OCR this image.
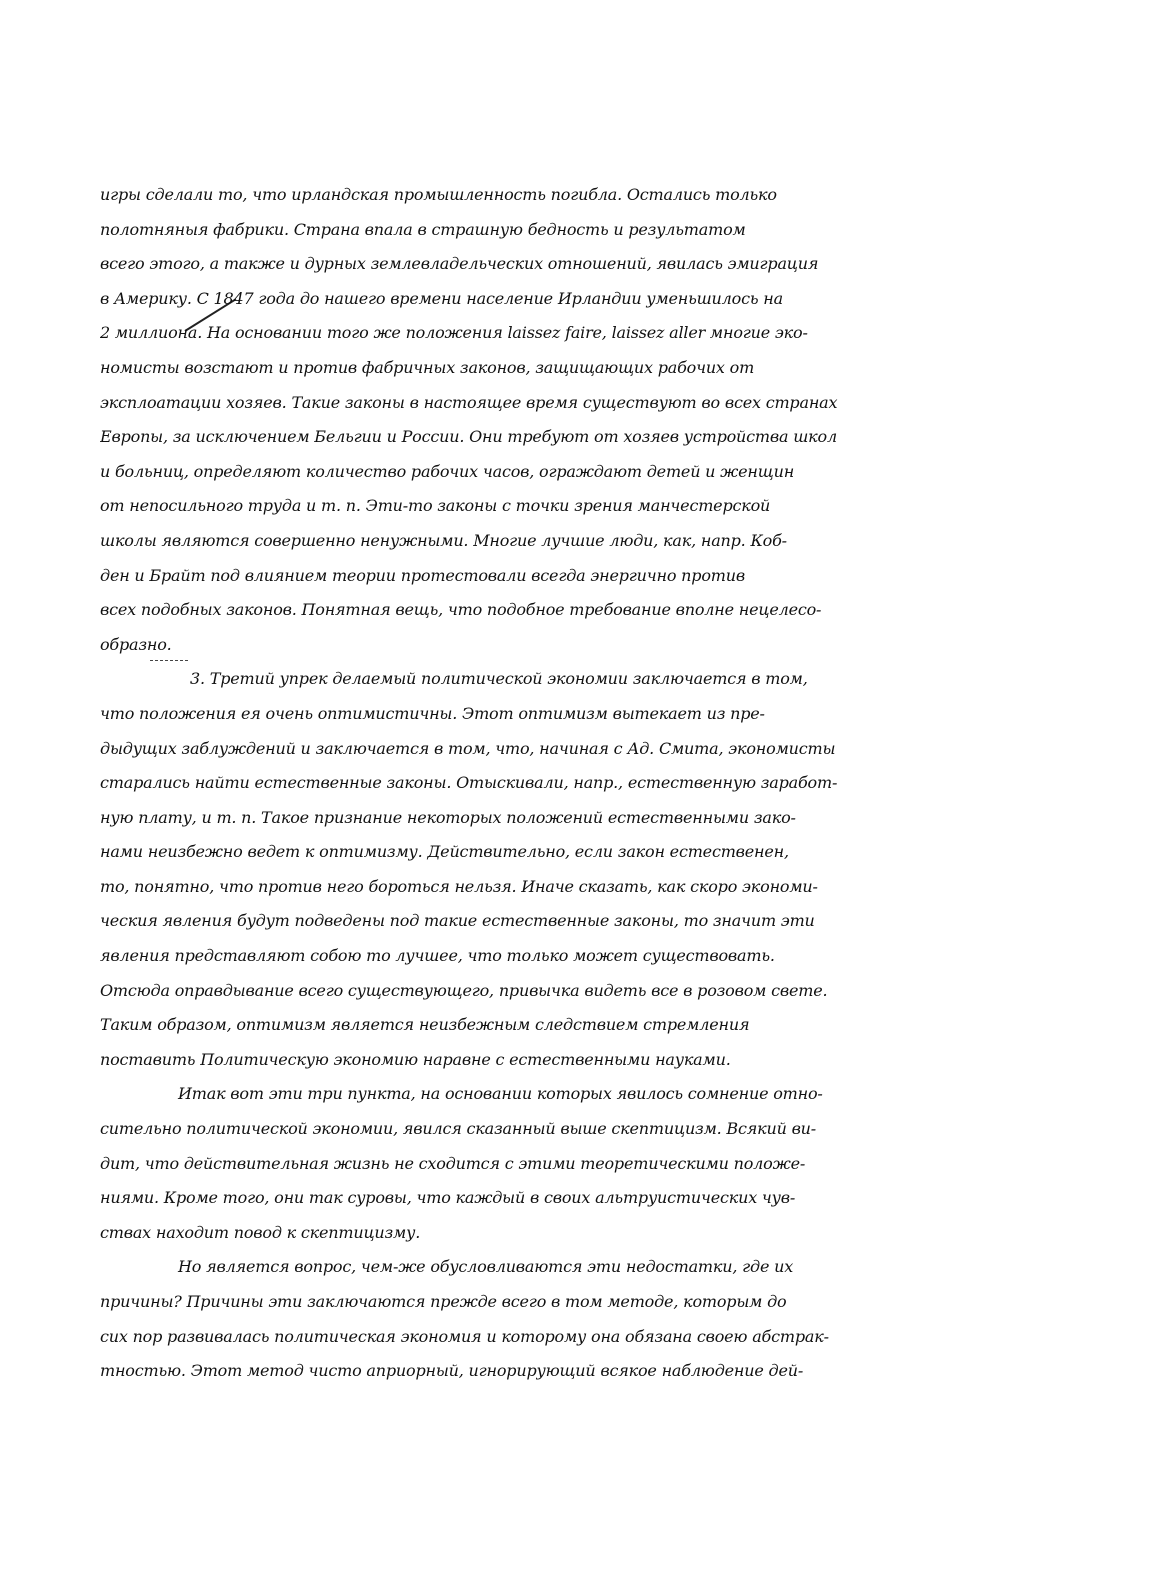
игры сделали то, что ирландская промышленность погибла. Остались только
полотняныя фабрики. Страна впала в страшную бедность и результатом
всего этого, а также и дурных землевладельческих отношений, явилась эмиграция
в Америку. С 1847 года до нашего времени население Ирландии уменьшилось на
2 миллиона. На основании того же положения laissez faire, laissez aller многие эко-
номисты возстают и против фабричных законов, защищающих рабочих от
эксплоатации хозяев. Такие законы в настоящее время существуют во всех странах
Европы, за исключением Бельгии и России. Они требуют от хозяев устройства школ
и больниц, определяют количество рабочих часов, ограждают детей и женщин
от непосильного труда и т. п. Эти-то законы с точки зрения манчестерской
школы являются совершенно ненужными. Многие лучшие люди, как, напр. Коб-
ден и Брайт под влиянием теории протестовали всегда энергично против
всех подобных законов. Понятная вещь, что подобное требование вполне нецелесо-
образно.
3. Третий упрек делаемый политической экономии заключается в том,
что положения ея очень оптимистичны. Этот оптимизм вытекает из пре-
дыдущих заблуждений и заключается в том, что, начиная с Ад. Смита, экономисты
старались найти естественные законы. Отыскивали, напр., естественную заработ-
ную плату, и т. п. Такое признание некоторых положений естественными зако-
нами неизбежно ведет к оптимизму. Действительно, если закон естественен,
то, понятно, что против него бороться нельзя. Иначе сказать, как скоро экономи-
ческия явления будут подведены под такие естественные законы, то значит эти
явления представляют собою то лучшее, что только может существовать.
Отсюда оправдывание всего существующего, привычка видеть все в розовом свете.
Таким образом, оптимизм является неизбежным следствием стремления
поставить Политическую экономию наравне с естественными науками.
Итак вот эти три пункта, на основании которых явилось сомнение отно-
сительно политической экономии, явился сказанный выше скептицизм. Всякий ви-
дит, что действительная жизнь не сходится с этими теоретическими положе-
ниями. Кроме того, они так суровы, что каждый в своих альтруистических чув-
ствах находит повод к скептицизму.
Но является вопрос, чем-же обусловливаются эти недостатки, где их
причины? Причины эти заключаются прежде всего в том методе, которым до
сих пор развивалась политическая экономия и которому она обязана своею абстрак-
тностью. Этот метод чисто априорный, игнорирующий всякое наблюдение дей-
